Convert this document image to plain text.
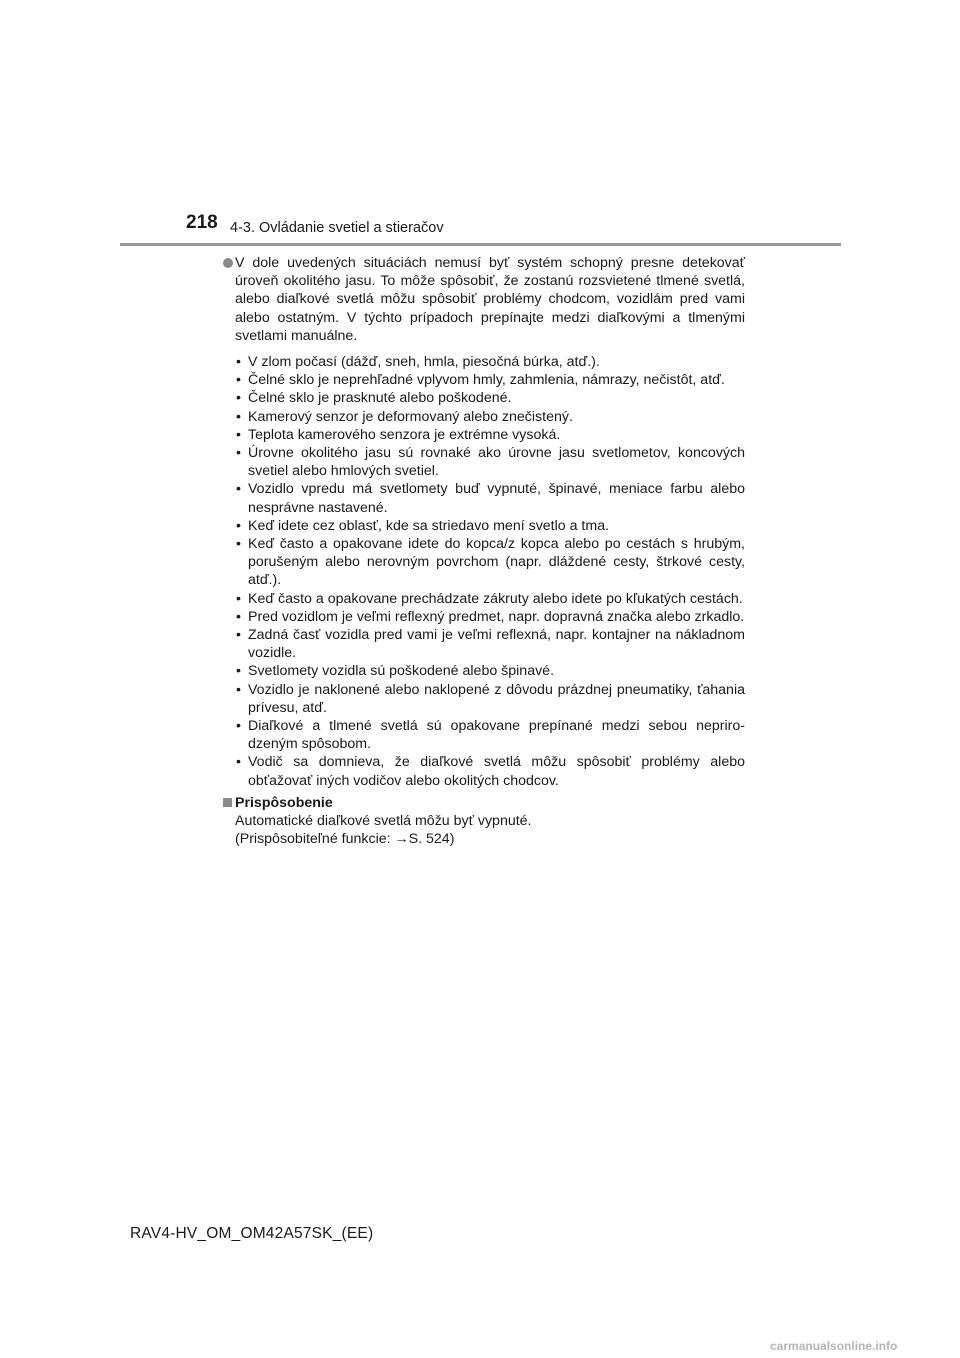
218 4-3. Ovládanie svetiel a stieračov
V dole uvedených situáciách nemusí byť systém schopný presne detekovať úroveň okolitého jasu. To môže spôsobiť, že zostanú rozsvietené tlmené svetlá, alebo diaľkové svetlá môžu spôsobiť problémy chodcom, vozidlám pred vami alebo ostatným. V týchto prípadoch prepínajte medzi diaľkovými a tlmenými svetlami manuálne.
• V zlom počasí (dážď, sneh, hmla, piesočná búrka, atď.).
• Čelné sklo je neprehľadné vplyvom hmly, zahmlenia, námrazy, nečistôt, atď.
• Čelné sklo je prasknuté alebo poškodené.
• Kamerový senzor je deformovaný alebo znečistený.
• Teplota kamerového senzora je extrémne vysoká.
• Úrovne okolitého jasu sú rovnaké ako úrovne jasu svetlometov, koncových svetiel alebo hmlových svetiel.
• Vozidlo vpredu má svetlomety buď vypnuté, špinavé, meniace farbu alebo nesprávne nastavené.
• Keď idete cez oblasť, kde sa striedavo mení svetlo a tma.
• Keď často a opakovane idete do kopca/z kopca alebo po cestách s hrubým, porušeným alebo nerovným povrchom (napr. dláždené cesty, štrkové cesty, atď.).
• Keď často a opakovane prechádzate zákruty alebo idete po kľukatých cestách.
• Pred vozidlom je veľmi reflexný predmet, napr. dopravná značka alebo zrkadlo.
• Zadná časť vozidla pred vami je veľmi reflexná, napr. kontajner na nákladnom vozidle.
• Svetlomety vozidla sú poškodené alebo špinavé.
• Vozidlo je naklonené alebo naklopené z dôvodu prázdnej pneumatiky, ťahania prívesu, atď.
• Diaľkové a tlmené svetlá sú opakovane prepínané medzi sebou neprirodzeným spôsobom.
• Vodič sa domnieva, že diaľkové svetlá môžu spôsobiť problémy alebo obťažovať iných vodičov alebo okolitých chodcov.
Prispôsobenie
Automatické diaľkové svetlá môžu byť vypnuté.
(Prispôsobiteľné funkcie: →S. 524)
RAV4-HV_OM_OM42A57SK_(EE)
carmanualsonline.info
